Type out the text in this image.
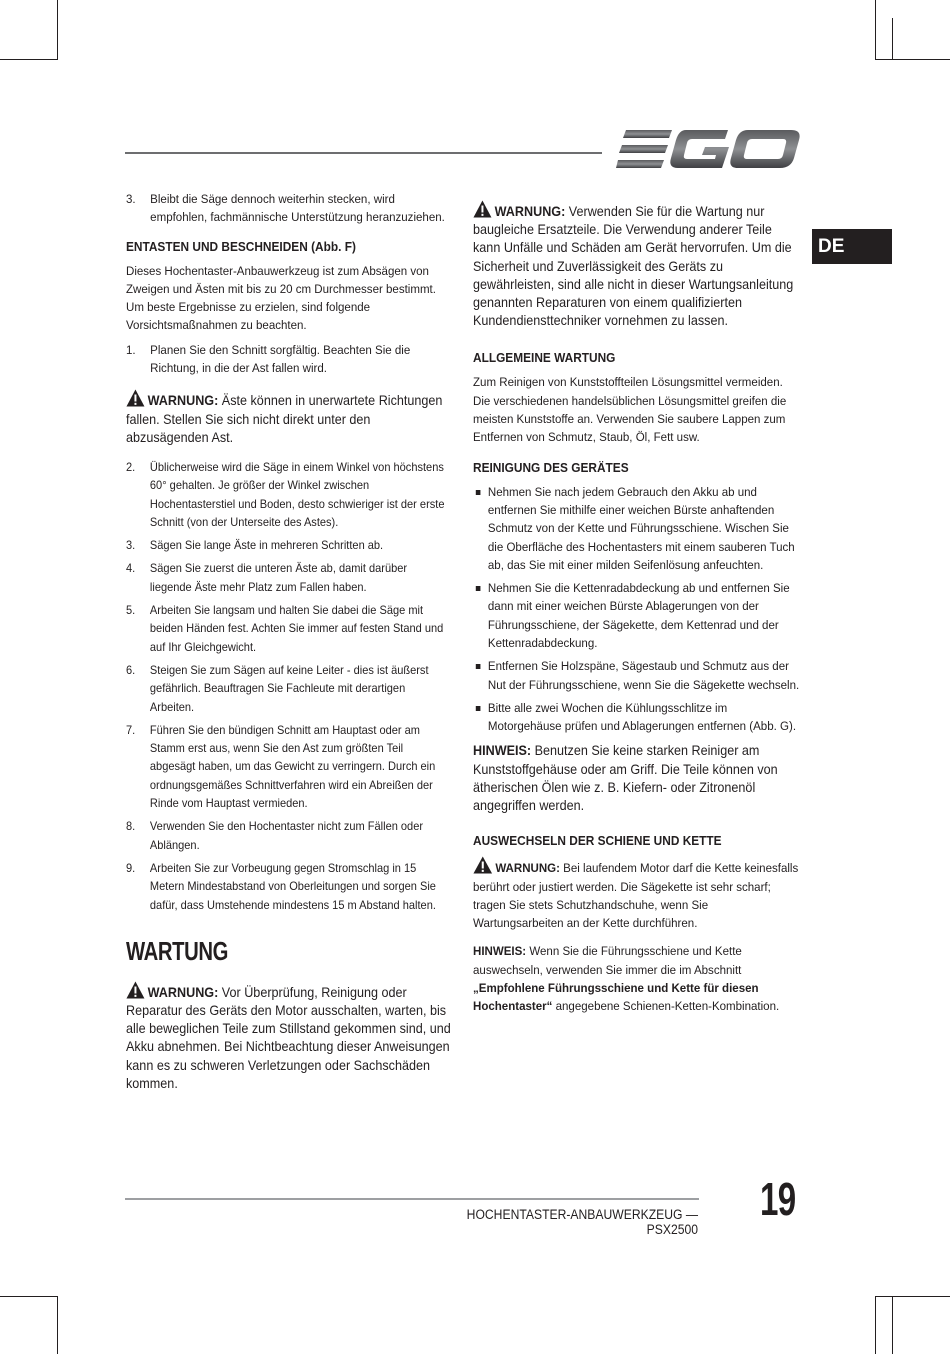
DE
3. Bleibt die Säge dennoch weiterhin stecken, wird empfohlen, fachmännische Unterstützung heranzuziehen.
ENTASTEN UND BESCHNEIDEN (Abb. F)
Dieses Hochentaster-Anbauwerkzeug ist zum Absägen von Zweigen und Ästen mit bis zu 20 cm Durchmesser bestimmt. Um beste Ergebnisse zu erzielen, sind folgende Vorsichtsmaßnahmen zu beachten.
1. Planen Sie den Schnitt sorgfältig. Beachten Sie die Richtung, in die der Ast fallen wird.
WARNUNG: Äste können in unerwartete Richtungen fallen. Stellen Sie sich nicht direkt unter den abzusägenden Ast.
2. Üblicherweise wird die Säge in einem Winkel von höchstens 60° gehalten. Je größer der Winkel zwischen Hochentasterstiel und Boden, desto schwieriger ist der erste Schnitt (von der Unterseite des Astes).
3. Sägen Sie lange Äste in mehreren Schritten ab.
4. Sägen Sie zuerst die unteren Äste ab, damit darüber liegende Äste mehr Platz zum Fallen haben.
5. Arbeiten Sie langsam und halten Sie dabei die Säge mit beiden Händen fest. Achten Sie immer auf festen Stand und auf Ihr Gleichgewicht.
6. Steigen Sie zum Sägen auf keine Leiter - dies ist äußerst gefährlich. Beauftragen Sie Fachleute mit derartigen Arbeiten.
7. Führen Sie den bündigen Schnitt am Hauptast oder am Stamm erst aus, wenn Sie den Ast zum größten Teil abgesägt haben, um das Gewicht zu verringern. Durch ein ordnungsgemäßes Schnittverfahren wird ein Abreißen der Rinde vom Hauptast vermieden.
8. Verwenden Sie den Hochentaster nicht zum Fällen oder Ablängen.
9. Arbeiten Sie zur Vorbeugung gegen Stromschlag in 15 Metern Mindestabstand von Oberleitungen und sorgen Sie dafür, dass Umstehende mindestens 15 m Abstand halten.
WARTUNG
WARNUNG: Vor Überprüfung, Reinigung oder Reparatur des Geräts den Motor ausschalten, warten, bis alle beweglichen Teile zum Stillstand gekommen sind, und Akku abnehmen. Bei Nichtbeachtung dieser Anweisungen kann es zu schweren Verletzungen oder Sachschäden kommen.
WARNUNG: Verwenden Sie für die Wartung nur baugleiche Ersatzteile. Die Verwendung anderer Teile kann Unfälle und Schäden am Gerät hervorrufen. Um die Sicherheit und Zuverlässigkeit des Geräts zu gewährleisten, sind alle nicht in dieser Wartungsanleitung genannten Reparaturen von einem qualifizierten Kundendiensttechniker vornehmen zu lassen.
ALLGEMEINE WARTUNG
Zum Reinigen von Kunststoffteilen Lösungsmittel vermeiden. Die verschiedenen handelsüblichen Lösungsmittel greifen die meisten Kunststoffe an. Verwenden Sie saubere Lappen zum Entfernen von Schmutz, Staub, Öl, Fett usw.
REINIGUNG DES GERÄTES
Nehmen Sie nach jedem Gebrauch den Akku ab und entfernen Sie mithilfe einer weichen Bürste anhaftenden Schmutz von der Kette und Führungsschiene. Wischen Sie die Oberfläche des Hochentasters mit einem sauberen Tuch ab, das Sie mit einer milden Seifenlösung anfeuchten.
Nehmen Sie die Kettenradabdeckung ab und entfernen Sie dann mit einer weichen Bürste Ablagerungen von der Führungsschiene, der Sägekette, dem Kettenrad und der Kettenradabdeckung.
Entfernen Sie Holzspäne, Sägestaub und Schmutz aus der Nut der Führungsschiene, wenn Sie die Sägekette wechseln.
Bitte alle zwei Wochen die Kühlungsschlitze im Motorgehäuse prüfen und Ablagerungen entfernen (Abb. G).
HINWEIS: Benutzen Sie keine starken Reiniger am Kunststoffgehäuse oder am Griff. Die Teile können von ätherischen Ölen wie z. B. Kiefern- oder Zitronenöl angegriffen werden.
AUSWECHSELN DER SCHIENE UND KETTE
WARNUNG: Bei laufendem Motor darf die Kette keinesfalls berührt oder justiert werden. Die Sägekette ist sehr scharf; tragen Sie stets Schutzhandschuhe, wenn Sie Wartungsarbeiten an der Kette durchführen.
HINWEIS: Wenn Sie die Führungsschiene und Kette auswechseln, verwenden Sie immer die im Abschnitt „Empfohlene Führungsschiene und Kette für diesen Hochentaster“ angegebene Schienen-Ketten-Kombination.
HOCHENTASTER-ANBAUWERKZEUG — PSX2500
19
